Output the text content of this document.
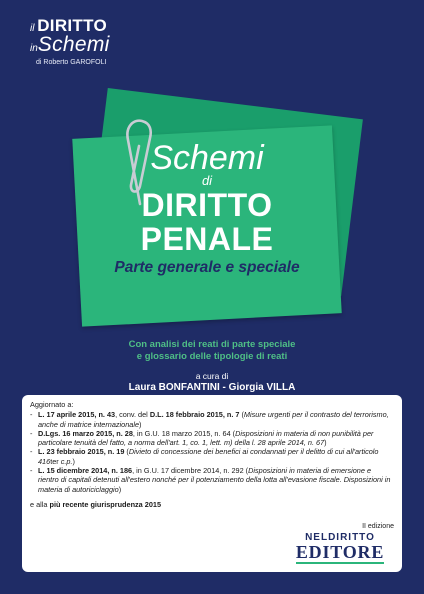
il DIRITTO
inSchemi
di Roberto GAROFOLI
Schemi
di
DIRITTO
PENALE
Parte generale e speciale
Con analisi dei reati di parte speciale
e glossario delle tipologie di reati
a cura di
Laura BONFANTINI - Giorgia VILLA
Aggiornato a:
- L. 17 aprile 2015, n. 43, conv. del D.L. 18 febbraio 2015, n. 7 (Misure urgenti per il contrasto del terrorismo, anche di matrice internazionale)
- D.Lgs. 16 marzo 2015, n. 28, in G.U. 18 marzo 2015, n. 64 (Disposizioni in materia di non punibilità per particolare tenuità del fatto, a norma dell'art. 1, co. 1, lett. m) della l. 28 aprile 2014, n. 67)
- L. 23 febbraio 2015, n. 19 (Divieto di concessione dei benefici ai condannati per il delitto di cui all'articolo 416ter c.p.)
- L. 15 dicembre 2014, n. 186, in G.U. 17 dicembre 2014, n. 292 (Disposizioni in materia di emersione e rientro di capitali detenuti all'estero nonché per il potenziamento della lotta all'evasione fiscale. Disposizioni in materia di autoriciclaggio)
e alla più recente giurisprudenza 2015
II edizione
NELDIRITTO
EDITORE
